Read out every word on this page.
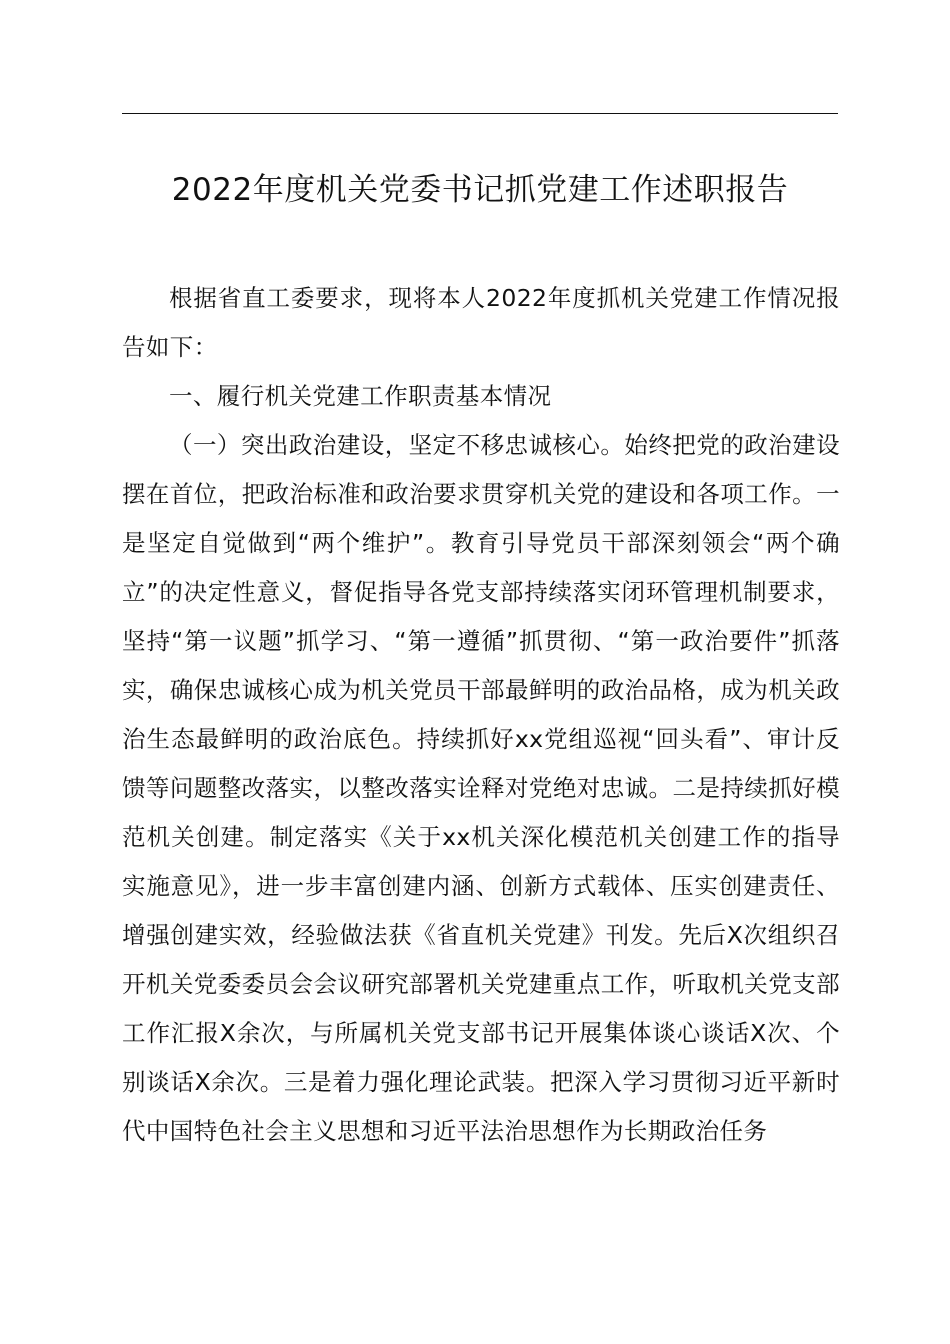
2022年度机关党委书记抓党建工作述职报告

根据省直工委要求，现将本人2022年度抓机关党建工作情况报告如下：

一、履行机关党建工作职责基本情况

（一）突出政治建设，坚定不移忠诚核心。始终把党的政治建设摆在首位，把政治标准和政治要求贯穿机关党的建设和各项工作。一是坚定自觉做到“两个维护”。教育引导党员干部深刻领会“两个确立”的决定性意义，督促指导各党支部持续落实闭环管理机制要求，坚持“第一议题”抓学习、“第一遵循”抓贯彻、“第一政治要件”抓落实，确保忠诚核心成为机关党员干部最鲜明的政治品格，成为机关政治生态最鲜明的政治底色。持续抓好xx党组巡视“回头看”、审计反馈等问题整改落实，以整改落实诠释对党绝对忠诚。二是持续抓好模范机关创建。制定落实《关于xx机关深化模范机关创建工作的指导实施意见》，进一步丰富创建内涵、创新方式载体、压实创建责任、增强创建实效，经验做法获《省直机关党建》刊发。先后X次组织召开机关党委委员会会议研究部署机关党建重点工作，听取机关党支部工作汇报X余次，与所属机关党支部书记开展集体谈心谈话X次、个别谈话X余次。三是着力强化理论武装。把深入学习贯彻习近平新时代中国特色社会主义思想和习近平法治思想作为长期政治任务
